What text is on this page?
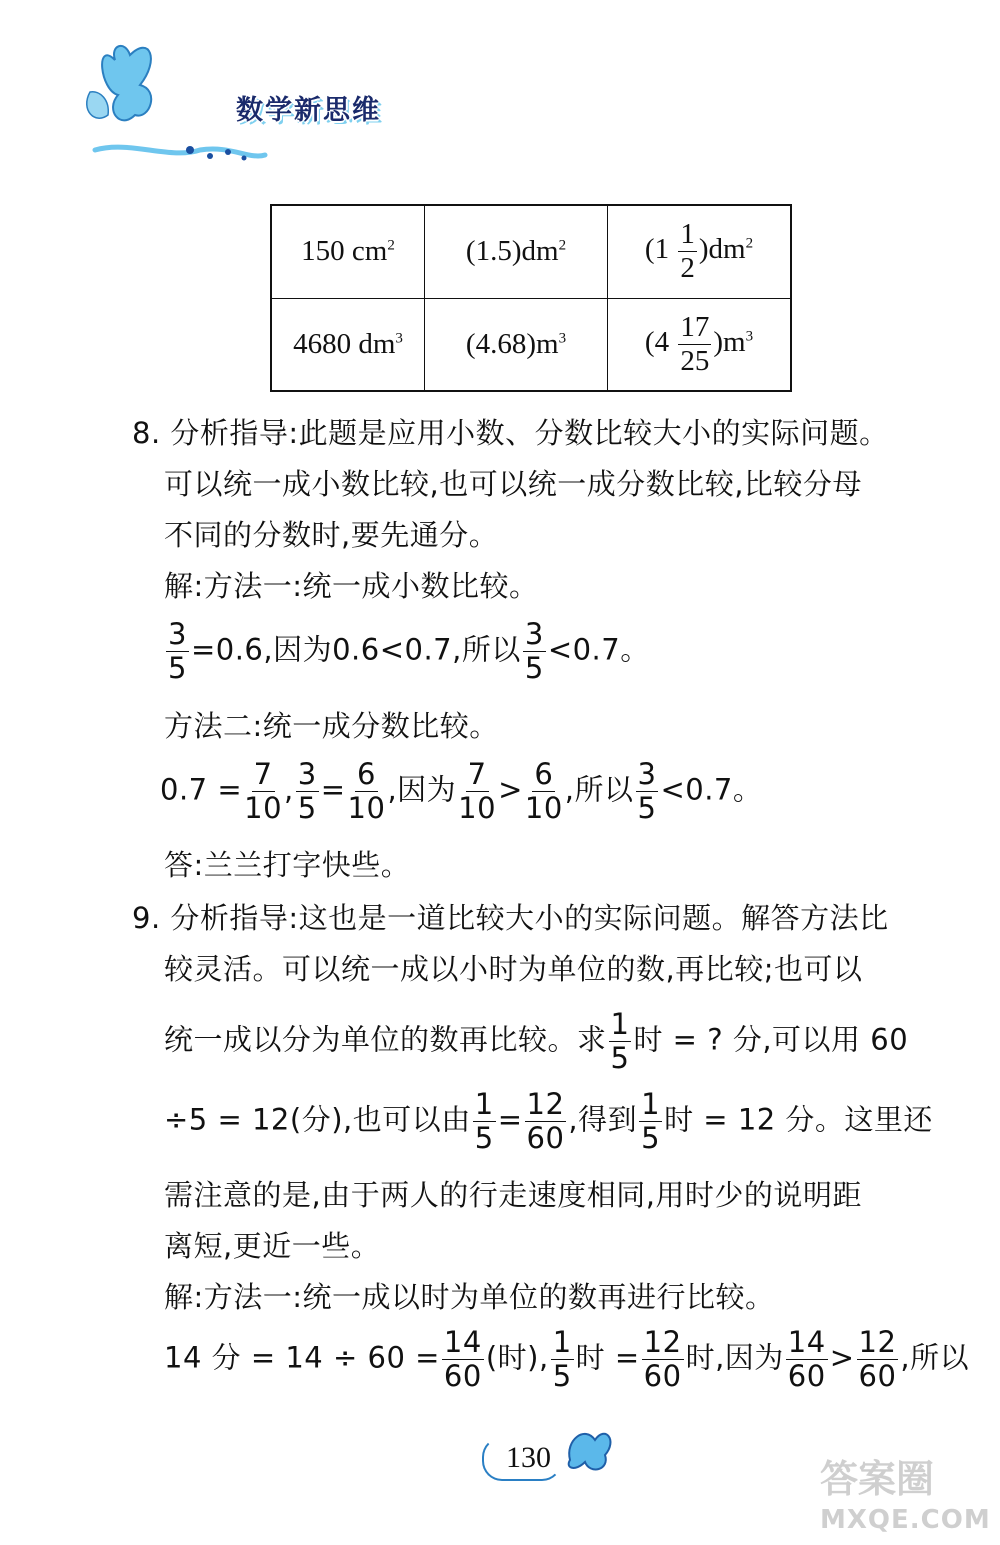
数学新思维
150 $cm^2$	$(1.5)dm^2$	$(1 \frac{1}{2} )dm^2$
4680 $dm^3$	$(4.68)m^3$	$(4 \frac{17}{25} )m^3$
8. 分析指导:此题是应用小数、分数比较大小的实际问题。
可以统一成小数比较,也可以统一成分数比较,比较分母
不同的分数时,要先通分。
解:方法一:统一成小数比较。
$\frac{3}{5} =0.6$,因为0.6<0.7,所以 $\frac{3}{5} <0.7$。
方法二:统一成分数比较。
$0.7 = \frac{7}{10}$ , $\frac{3}{5} = \frac{6}{10}$ ,因为 $\frac{7}{10} > \frac{6}{10}$ ,所以 $\frac{3}{5} <0.7$。
答:兰兰打字快些。
9. 分析指导:这也是一道比较大小的实际问题。解答方法比
较灵活。可以统一成以小时为单位的数,再比较;也可以
统一成以分为单位的数再比较。求 $\frac{1}{5}$ 时 = ? 分,可以用 60
÷5 = 12(分),也可以由 $\frac{1}{5} = \frac{12}{60}$ ,得到 $\frac{1}{5}$ 时 = 12 分。这里还
需注意的是,由于两人的行走速度相同,用时少的说明距
离短,更近一些。
解:方法一:统一成以时为单位的数再进行比较。
14 分 = $14 \div 60 = \frac{14}{60}$ (时), $\frac{1}{5}$ 时 = $\frac{12}{60}$ 时,因为 $\frac{14}{60} > \frac{12}{60}$ ,所以
130	答案圈
MXQE.COM
